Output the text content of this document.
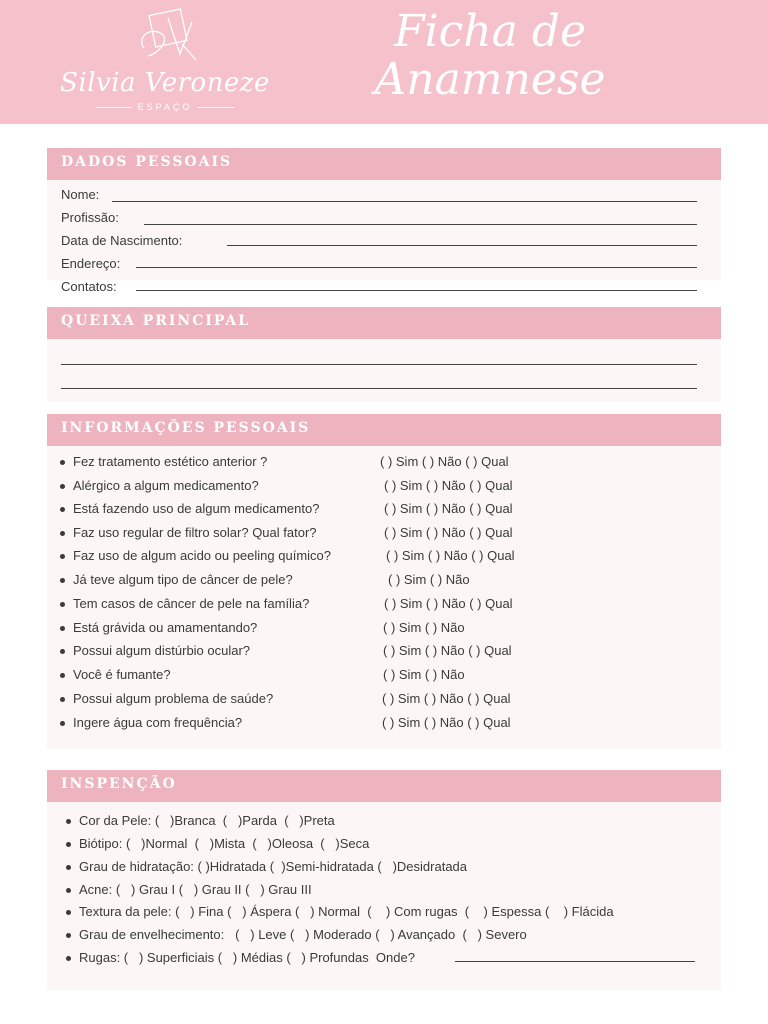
Silvia Veroneze
ESPAÇO
Ficha de
Anamnese
DADOS PESSOAIS
Nome:
Profissão:
Data de Nascimento:
Endereço:
Contatos:
QUEIXA PRINCIPAL
INFORMAÇÕES PESSOAIS
Fez tratamento estético anterior ?	( ) Sim ( ) Não ( ) Qual
Alérgico a algum medicamento?	( ) Sim ( ) Não ( ) Qual
Está fazendo uso de algum medicamento?	( ) Sim ( ) Não ( ) Qual
Faz uso regular de filtro solar? Qual fator?	( ) Sim ( ) Não ( ) Qual
Faz uso de algum acido ou peeling químico?	( ) Sim ( ) Não ( ) Qual
Já teve algum tipo de câncer de pele?	( ) Sim ( ) Não
Tem casos de câncer de pele na família?	( ) Sim ( ) Não ( ) Qual
Está grávida ou amamentando?	( ) Sim ( ) Não
Possui algum distúrbio ocular?	( ) Sim ( ) Não ( ) Qual
Você é fumante?	( ) Sim ( ) Não
Possui algum problema de saúde?	( ) Sim ( ) Não ( ) Qual
Ingere água com frequência?	( ) Sim ( ) Não ( ) Qual
INSPENÇÃO
Cor da Pele: (   )Branca  (   )Parda  (   )Preta
Biótipo: (   )Normal  (   )Mista  (   )Oleosa  (   )Seca
Grau de hidratação: ( )Hidratada (  )Semi-hidratada (   )Desidratada
Acne: (   ) Grau I (   ) Grau II (   ) Grau III
Textura da pele: (   ) Fina (   ) Áspera (   ) Normal  (    ) Com rugas  (    ) Espessa (    ) Flácida
Grau de envelhecimento:   (   ) Leve (   ) Moderado (   ) Avançado  (   ) Severo
Rugas: (   ) Superficiais (   ) Médias (   ) Profundas  Onde?
